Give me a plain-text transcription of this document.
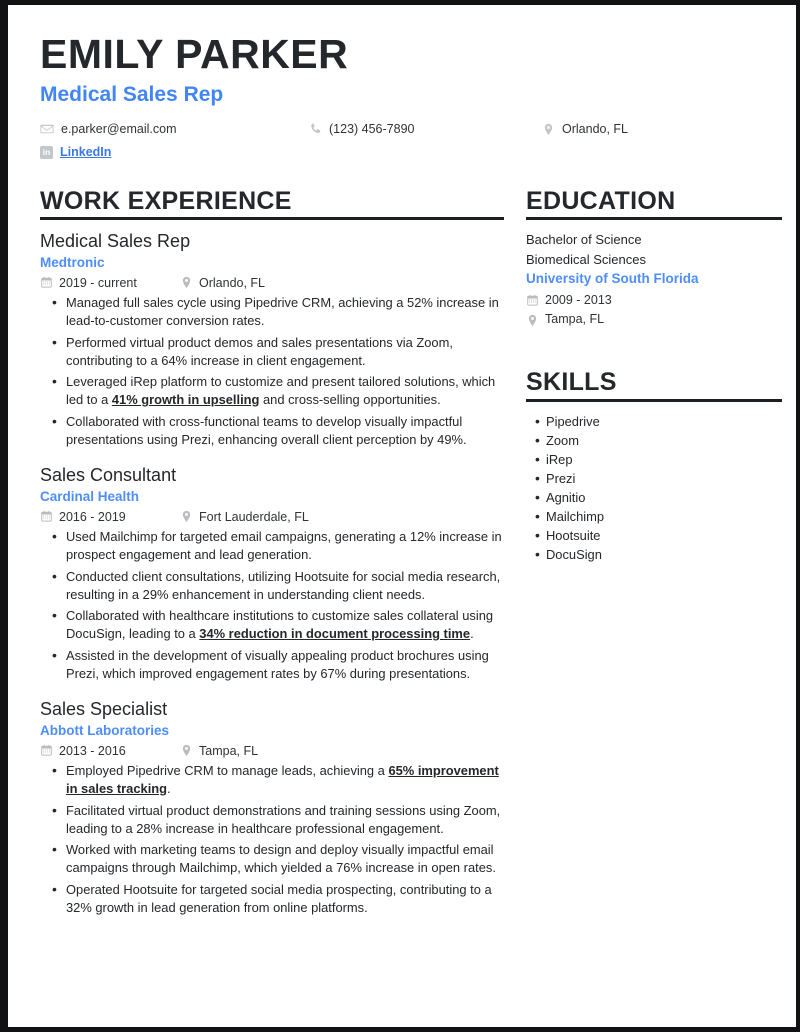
EMILY PARKER
Medical Sales Rep
e.parker@email.com	(123) 456-7890	Orlando, FL
in LinkedIn
WORK EXPERIENCE
Medical Sales Rep
Medtronic
2019 - current	Orlando, FL
• Managed full sales cycle using Pipedrive CRM, achieving a 52% increase in lead-to-customer conversion rates.
• Performed virtual product demos and sales presentations via Zoom, contributing to a 64% increase in client engagement.
• Leveraged iRep platform to customize and present tailored solutions, which led to a 41% growth in upselling and cross-selling opportunities.
• Collaborated with cross-functional teams to develop visually impactful presentations using Prezi, enhancing overall client perception by 49%.
Sales Consultant
Cardinal Health
2016 - 2019	Fort Lauderdale, FL
• Used Mailchimp for targeted email campaigns, generating a 12% increase in prospect engagement and lead generation.
• Conducted client consultations, utilizing Hootsuite for social media research, resulting in a 29% enhancement in understanding client needs.
• Collaborated with healthcare institutions to customize sales collateral using DocuSign, leading to a 34% reduction in document processing time.
• Assisted in the development of visually appealing product brochures using Prezi, which improved engagement rates by 67% during presentations.
Sales Specialist
Abbott Laboratories
2013 - 2016	Tampa, FL
• Employed Pipedrive CRM to manage leads, achieving a 65% improvement in sales tracking.
• Facilitated virtual product demonstrations and training sessions using Zoom, leading to a 28% increase in healthcare professional engagement.
• Worked with marketing teams to design and deploy visually impactful email campaigns through Mailchimp, which yielded a 76% increase in open rates.
• Operated Hootsuite for targeted social media prospecting, contributing to a 32% growth in lead generation from online platforms.
EDUCATION
Bachelor of Science
Biomedical Sciences
University of South Florida
2009 - 2013
Tampa, FL
SKILLS
• Pipedrive
• Zoom
• iRep
• Prezi
• Agnitio
• Mailchimp
• Hootsuite
• DocuSign
